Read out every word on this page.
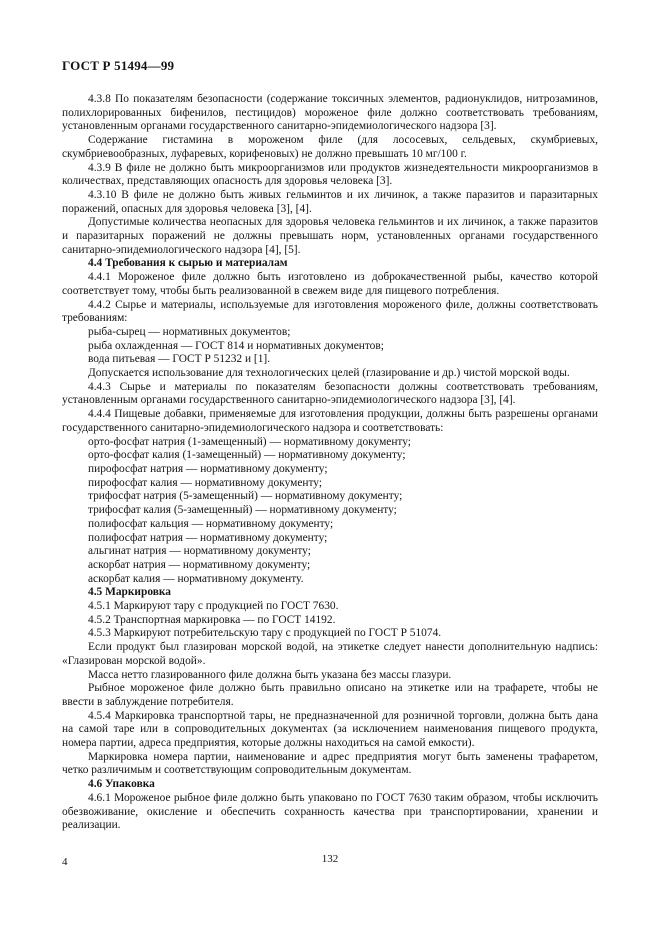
ГОСТ Р 51494—99

4.3.8 По показателям безопасности (содержание токсичных элементов, радионуклидов, нитрозаминов, полихлорированных бифенилов, пестицидов) мороженое филе должно соответствовать требованиям, установленным органами государственного санитарно-эпидемиологического надзора [3].

Содержание гистамина в мороженом филе (для лососевых, сельдевых, скумбриевых, скумбриевообразных, луфаревых, корифеновых) не должно превышать 10 мг/100 г.

4.3.9 В филе не должно быть микроорганизмов или продуктов жизнедеятельности микроорганизмов в количествах, представляющих опасность для здоровья человека [3].

4.3.10 В филе не должно быть живых гельминтов и их личинок, а также паразитов и паразитарных поражений, опасных для здоровья человека [3], [4].

Допустимые количества неопасных для здоровья человека гельминтов и их личинок, а также паразитов и паразитарных поражений не должны превышать норм, установленных органами государственного санитарно-эпидемиологического надзора [4], [5].

4.4 Требования к сырью и материалам

4.4.1 Мороженое филе должно быть изготовлено из доброкачественной рыбы, качество которой соответствует тому, чтобы быть реализованной в свежем виде для пищевого потребления.

4.4.2 Сырье и материалы, используемые для изготовления мороженого филе, должны соответствовать требованиям:

рыба-сырец — нормативных документов;

рыба охлажденная — ГОСТ 814 и нормативных документов;

вода питьевая — ГОСТ Р 51232 и [1].

Допускается использование для технологических целей (глазирование и др.) чистой морской воды.

4.4.3 Сырье и материалы по показателям безопасности должны соответствовать требованиям, установленным органами государственного санитарно-эпидемиологического надзора [3], [4].

4.4.4 Пищевые добавки, применяемые для изготовления продукции, должны быть разрешены органами государственного санитарно-эпидемиологического надзора и соответствовать:

орто-фосфат натрия (1-замещенный) — нормативному документу;

орто-фосфат калия (1-замещенный) — нормативному документу;

пирофосфат натрия — нормативному документу;

пирофосфат калия — нормативному документу;

трифосфат натрия (5-замещенный) — нормативному документу;

трифосфат калия (5-замещенный) — нормативному документу;

полифосфат кальция — нормативному документу;

полифосфат натрия — нормативному документу;

альгинат натрия — нормативному документу;

аскорбат натрия — нормативному документу;

аскорбат калия — нормативному документу.

4.5 Маркировка

4.5.1 Маркируют тару с продукцией по ГОСТ 7630.

4.5.2 Транспортная маркировка — по ГОСТ 14192.

4.5.3 Маркируют потребительскую тару с продукцией по ГОСТ Р 51074.

Если продукт был глазирован морской водой, на этикетке следует нанести дополнительную надпись: «Глазирован морской водой».

Масса нетто глазированного филе должна быть указана без массы глазури.

Рыбное мороженое филе должно быть правильно описано на этикетке или на трафарете, чтобы не ввести в заблуждение потребителя.

4.5.4 Маркировка транспортной тары, не предназначенной для розничной торговли, должна быть дана на самой таре или в сопроводительных документах (за исключением наименования пищевого продукта, номера партии, адреса предприятия, которые должны находиться на самой емкости).

Маркировка номера партии, наименование и адрес предприятия могут быть заменены трафаретом, четко различимым и соответствующим сопроводительным документам.

4.6 Упаковка

4.6.1 Мороженое рыбное филе должно быть упаковано по ГОСТ 7630 таким образом, чтобы исключить обезвоживание, окисление и обеспечить сохранность качества при транспортировании, хранении и реализации.

4	132
